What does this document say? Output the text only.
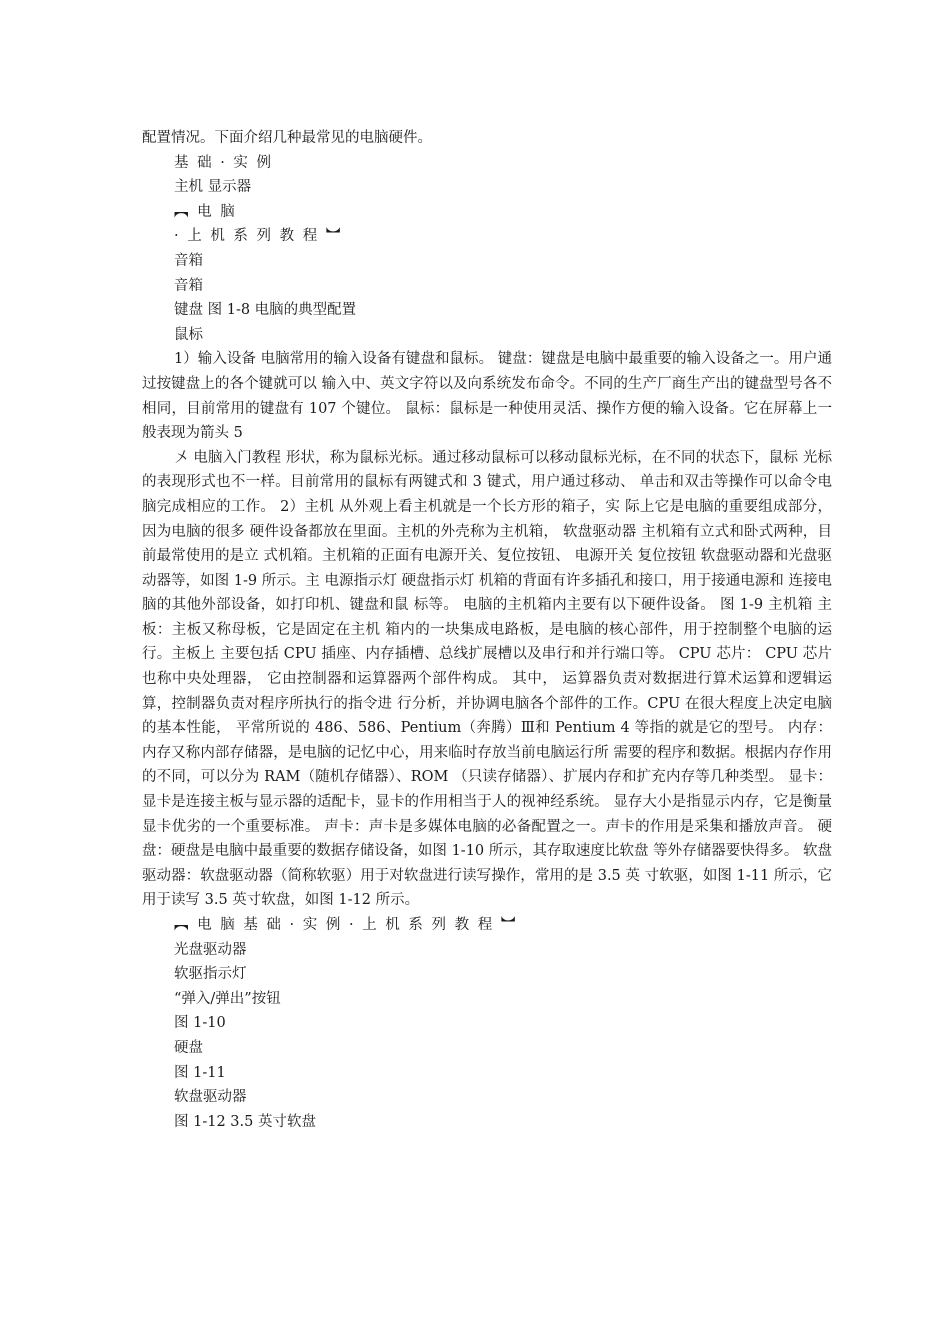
配置情况。下面介绍几种最常见的电脑硬件。
基 础 · 实 例
主机 显示器
︻ 电 脑
· 上 机 系 列 教 程 ︼
音箱
音箱
键盘 图 1-8 电脑的典型配置
鼠标

1）输入设备 电脑常用的输入设备有键盘和鼠标。 键盘：键盘是电脑中最重要的输入设备之一。用户通过按键盘上的各个键就可以 输入中、英文字符以及向系统发布命令。不同的生产厂商生产出的键盘型号各不 相同，目前常用的键盘有 107 个键位。 鼠标：鼠标是一种使用灵活、操作方便的输入设备。它在屏幕上一般表现为箭头 5

〤 电脑入门教程 形状，称为鼠标光标。通过移动鼠标可以移动鼠标光标，在不同的状态下，鼠标 光标的表现形式也不一样。目前常用的鼠标有两键式和 3 键式，用户通过移动、 单击和双击等操作可以命令电脑完成相应的工作。 2）主机 从外观上看主机就是一个长方形的箱子，实 际上它是电脑的重要组成部分，因为电脑的很多 硬件设备都放在里面。主机的外壳称为主机箱， 软盘驱动器 主机箱有立式和卧式两种，目前最常使用的是立 式机箱。主机箱的正面有电源开关、复位按钮、 电源开关 复位按钮 软盘驱动器和光盘驱动器等，如图 1-9 所示。主 电源指示灯 硬盘指示灯 机箱的背面有许多插孔和接口，用于接通电源和 连接电脑的其他外部设备，如打印机、键盘和鼠 标等。 电脑的主机箱内主要有以下硬件设备。 图 1-9 主机箱 主板：主板又称母板，它是固定在主机 箱内的一块集成电路板，是电脑的核心部件，用于控制整个电脑的运行。主板上 主要包括 CPU 插座、内存插槽、总线扩展槽以及串行和并行端口等。 CPU 芯片： CPU 芯片也称中央处理器， 它由控制器和运算器两个部件构成。 其中， 运算器负责对数据进行算术运算和逻辑运算，控制器负责对程序所执行的指令进 行分析，并协调电脑各个部件的工作。CPU 在很大程度上决定电脑的基本性能， 平常所说的 486、586、Pentium（奔腾）Ⅲ和 Pentium 4 等指的就是它的型号。 内存：内存又称内部存储器，是电脑的记忆中心，用来临时存放当前电脑运行所 需要的程序和数据。根据内存作用的不同，可以分为 RAM（随机存储器）、ROM （只读存储器）、扩展内存和扩充内存等几种类型。 显卡：显卡是连接主板与显示器的适配卡，显卡的作用相当于人的视神经系统。 显存大小是指显示内存，它是衡量显卡优劣的一个重要标准。 声卡：声卡是多媒体电脑的必备配置之一。声卡的作用是采集和播放声音。 硬盘：硬盘是电脑中最重要的数据存储设备，如图 1-10 所示，其存取速度比软盘 等外存储器要快得多。 软盘驱动器：软盘驱动器（简称软驱）用于对软盘进行读写操作，常用的是 3.5 英 寸软驱，如图 1-11 所示，它用于读写 3.5 英寸软盘，如图 1-12 所示。

︻ 电 脑 基 础 · 实 例 · 上 机 系 列 教 程 ︼
光盘驱动器
软驱指示灯
“弹入/弹出”按钮
图 1-10
硬盘
图 1-11
软盘驱动器
图 1-12 3.5 英寸软盘
